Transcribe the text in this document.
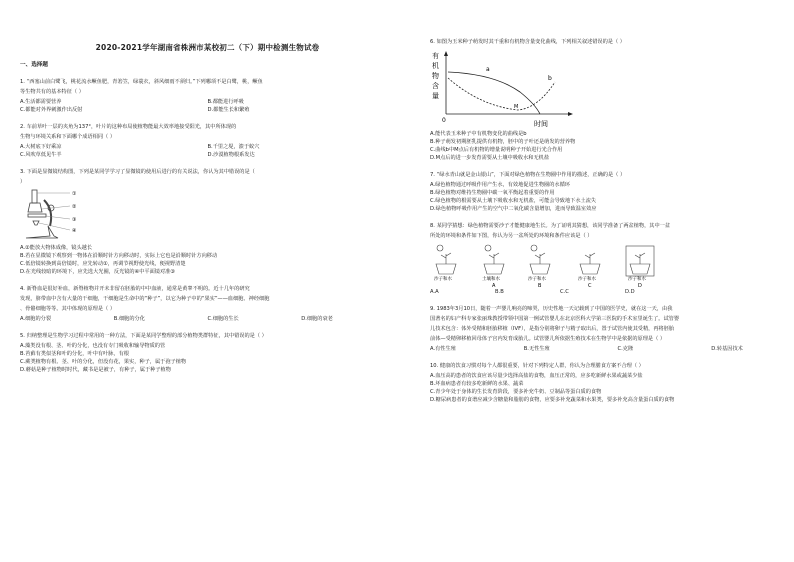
2020-2021学年湖南省株洲市某校初二（下）期中检测生物试卷
一、选择题
1. “西塞山前白鹭飞，桃花流水鳜鱼肥，青箬笠，绿蓑衣，斜风细雨不须归。”下列哪项不是白鹭，桃，鳜鱼
等生物共有的基本特征（ ）
A.生活都需要营养	B.都能进行呼吸
C.都能对外界刺激作出反射	D.都能生长和繁殖
2. 车前草叶一层的夹角为137°，叶片的这种布局使植物能最大效率地接受阳光，其中所体现的
生物与环境关系和下面哪个成语相同（ ）
A.大树底下好乘凉	B.千里之堤，溃于蚁穴
C.风吹草低见牛羊	D.沙漠植物根系发达
3. 下面是显微镜结构图，下列是某同学学习了显微镜的使用后进行的有关说法，你认为其中错误的是（
）
①
②
③
④
A.②能放大物体成像，镜头越长
B.若在显微镜下观察到一物体在沿顺时针方向移动时，实际上它也是沿顺时针方向移动
C.低倍镜转换到高倍镜时，应先转动①，再调节视野使光线，便视野清楚
D.在光线较暗的环境下，应先选大光圈，反光镜的④中平面镜对准③
4. 新脊血是很好补血，新脊植物并开未非留在胚胎的中中血液，通常是黄睾不明的。近十几年的研究
发现，脐带血中含有大量的干细胞，干细胞是生命中的“种子”，以它为种子中的“果实”——血细胞、神经细胞
、骨骼细胞等等。其中体现的原理是（ ）
A.细胞的分裂	B.细胞的分化	C.细胞的生长	D.细胞的衰老
5. 归纳整理是生物学习过程中常用的一种方法，下面是某同学整理的部分植物类群特征，其中错误的是（ ）
A.藻类没有根、茎、叶的分化，也没有专门吸收和输导物质的管
B.苔藓有类似茎和叶的分化，叶中有叶脉，有根
C.蕨类植物有根、茎、叶的分化，但没有花，果实，种子，属于孢子植物
D.蘑菇是种子植物时时代，藏书是是被子，有种子，属于种子植物
6. 如图为玉米种子萌发时其干重和有机物含量变化曲线，下列相关叙述错误的是（ ）
有
机
物
含
量
0	时间
a
b
M
A.能代表玉米种子中有机物变化的曲线是b
B.种子萌发初期胚乳提供有机物，胚中的子叶还是萌发的营养物
C.曲线b中M点后有机物的增量说明种子开始进行光合作用
D.M点后的进一步发育需要从土壤中吸收水和无机盐
7. “绿水青山就是金山银山”，下面对绿色植物在生物圈中作用的描述，正确的是（ ）
A.绿色植物通过呼吸作用产生水，有效地促进生物圈的水循环
B.绿色植物对维持生物圈中碳一氧平衡起着重要的作用
C.绿色植物的根需要从土壤下吸收水和无机盐，可能会导致地下水土流失
D.绿色植物呼吸作用产生的空气中二氧化碳含量增加，进而导致温室效应
8. 某同学猜想：绿色植物需要沙子才能健康地生长。为了证明其猜想，该同学准备了两盆植物，其中一盆
所处的环境和条件如下图，你认为另一盆所处的环境和条件应该是（ ）
沙子和水	土壤和水	沙子和水	沙子和水	沙子和水
A	B	C	D
A.A	B.B	C.C	D.D
9. 1983年3月10日，随着一声婴儿响亮的啼哭，历史性地一天记载到了中国的医学史，就在这一天，由我
国著名的妇产科专家张丽珠教授带领中国第一例试管婴儿在北京医科大学第三医院的手术室里诞生了。试管婴
儿技术包含：体外受精和胚胎移植（IVF），是指分别将卵子与精子取出后，置于试管内使其受精，再将胚胎
前体—受精卵移植回母体子宫内发育成胎儿。试管婴儿所依据生殖技术在生物学中是依据的原理是（ ）
A.有性生殖	B.无性生殖	C.克隆	D.转基因技术
10. 健康的饮食习惯对每个人都很重要，针对下列特定人群，你认为合理膳食方案不合理（ ）
A.血压高的患者的饮食应该尽量少选择高盐的食物，血压正常的，应多吃新鲜水果或蔬菜少盐
B.坏血病患者有较多吃新鲜的水果、蔬菜
C.青少年处于身体的生长发育阶段，要多补充牛奶、豆制品等蛋白质的食物
D.糖尿病患者的食谱应减少含糖量和脂肪的食物，应要多补充蔬菜和水果类，要多补充高含量蛋白质的食物
